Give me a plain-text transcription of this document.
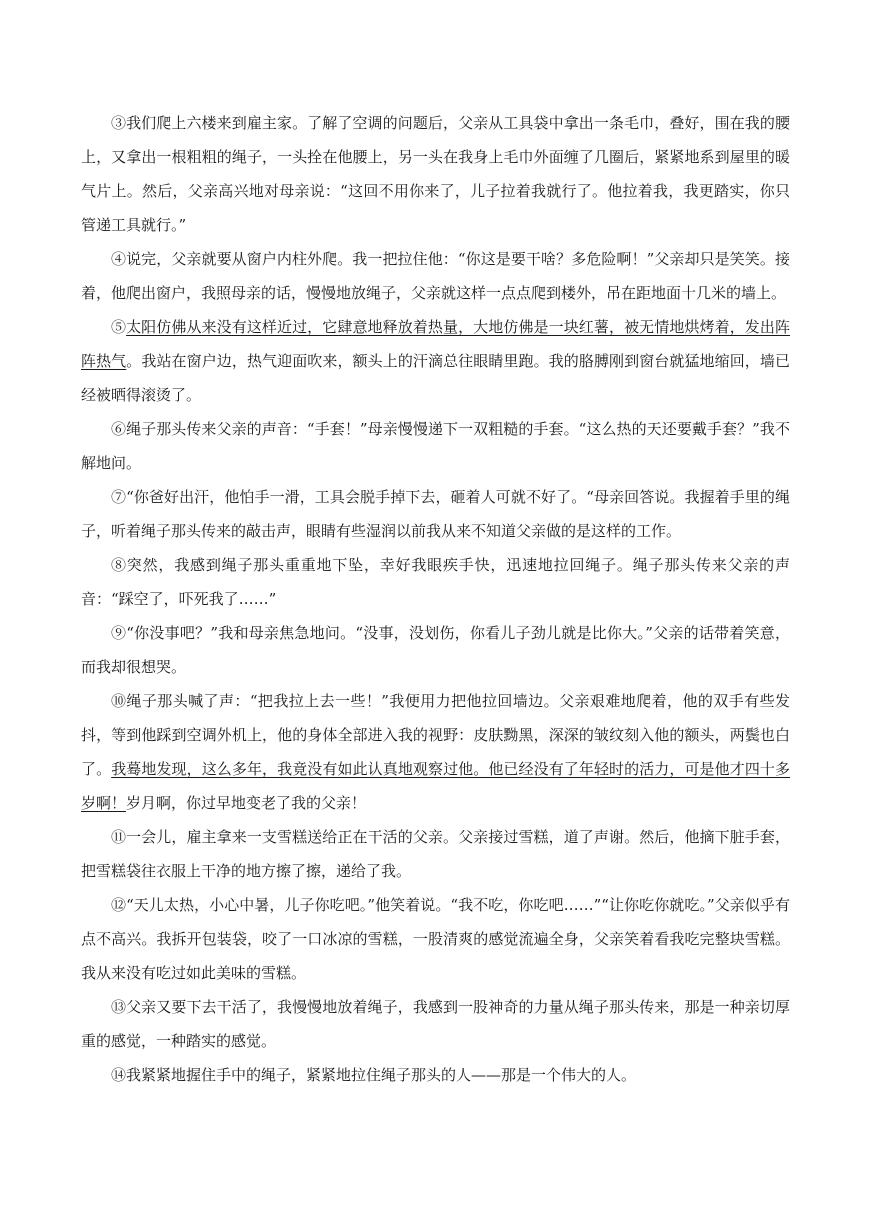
③我们爬上六楼来到雇主家。了解了空调的问题后，父亲从工具袋中拿出一条毛巾，叠好，围在我的腰上，又拿出一根粗粗的绳子，一头拴在他腰上，另一头在我身上毛巾外面缠了几圈后，紧紧地系到屋里的暖气片上。然后，父亲高兴地对母亲说：“这回不用你来了，儿子拉着我就行了。他拉着我，我更踏实，你只管递工具就行。”

④说完，父亲就要从窗户内柱外爬。我一把拉住他：“你这是要干啥？多危险啊！”父亲却只是笑笑。接着，他爬出窗户，我照母亲的话，慢慢地放绳子，父亲就这样一点点爬到楼外，吊在距地面十几米的墙上。

⑤太阳仿佛从来没有这样近过，它肆意地释放着热量，大地仿佛是一块红薯，被无情地烘烤着，发出阵阵热气。我站在窗户边，热气迎面吹来，额头上的汗滴总往眼睛里跑。我的胳膊刚到窗台就猛地缩回，墙已经被晒得滚烫了。

⑥绳子那头传来父亲的声音：“手套！”母亲慢慢递下一双粗糙的手套。“这么热的天还要戴手套？”我不解地问。

⑦“你爸好出汗，他怕手一滑，工具会脱手掉下去，砸着人可就不好了。“母亲回答说。我握着手里的绳子，听着绳子那头传来的敲击声，眼睛有些湿润以前我从来不知道父亲做的是这样的工作。

⑧突然，我感到绳子那头重重地下坠，幸好我眼疾手快，迅速地拉回绳子。绳子那头传来父亲的声音：“踩空了，吓死我了……”

⑨“你没事吧？”我和母亲焦急地问。“没事，没划伤，你看儿子劲儿就是比你大。”父亲的话带着笑意，而我却很想哭。

⑩绳子那头喊了声：“把我拉上去一些！”我便用力把他拉回墙边。父亲艰难地爬着，他的双手有些发抖，等到他踩到空调外机上，他的身体全部进入我的视野：皮肤黝黑，深深的皱纹刻入他的额头，两鬓也白了。我蓦地发现，这么多年，我竟没有如此认真地观察过他。他已经没有了年轻时的活力，可是他才四十多岁啊！岁月啊，你过早地变老了我的父亲！

⑪一会儿，雇主拿来一支雪糕送给正在干活的父亲。父亲接过雪糕，道了声谢。然后，他摘下脏手套，把雪糕袋往衣服上干净的地方擦了擦，递给了我。

⑫“天儿太热，小心中暑，儿子你吃吧。”他笑着说。“我不吃，你吃吧……”“让你吃你就吃。”父亲似乎有点不高兴。我拆开包装袋，咬了一口冰凉的雪糕，一股清爽的感觉流遍全身，父亲笑着看我吃完整块雪糕。我从来没有吃过如此美味的雪糕。

⑬父亲又要下去干活了，我慢慢地放着绳子，我感到一股神奇的力量从绳子那头传来，那是一种亲切厚重的感觉，一种踏实的感觉。

⑭我紧紧地握住手中的绳子，紧紧地拉住绳子那头的人——那是一个伟大的人。
